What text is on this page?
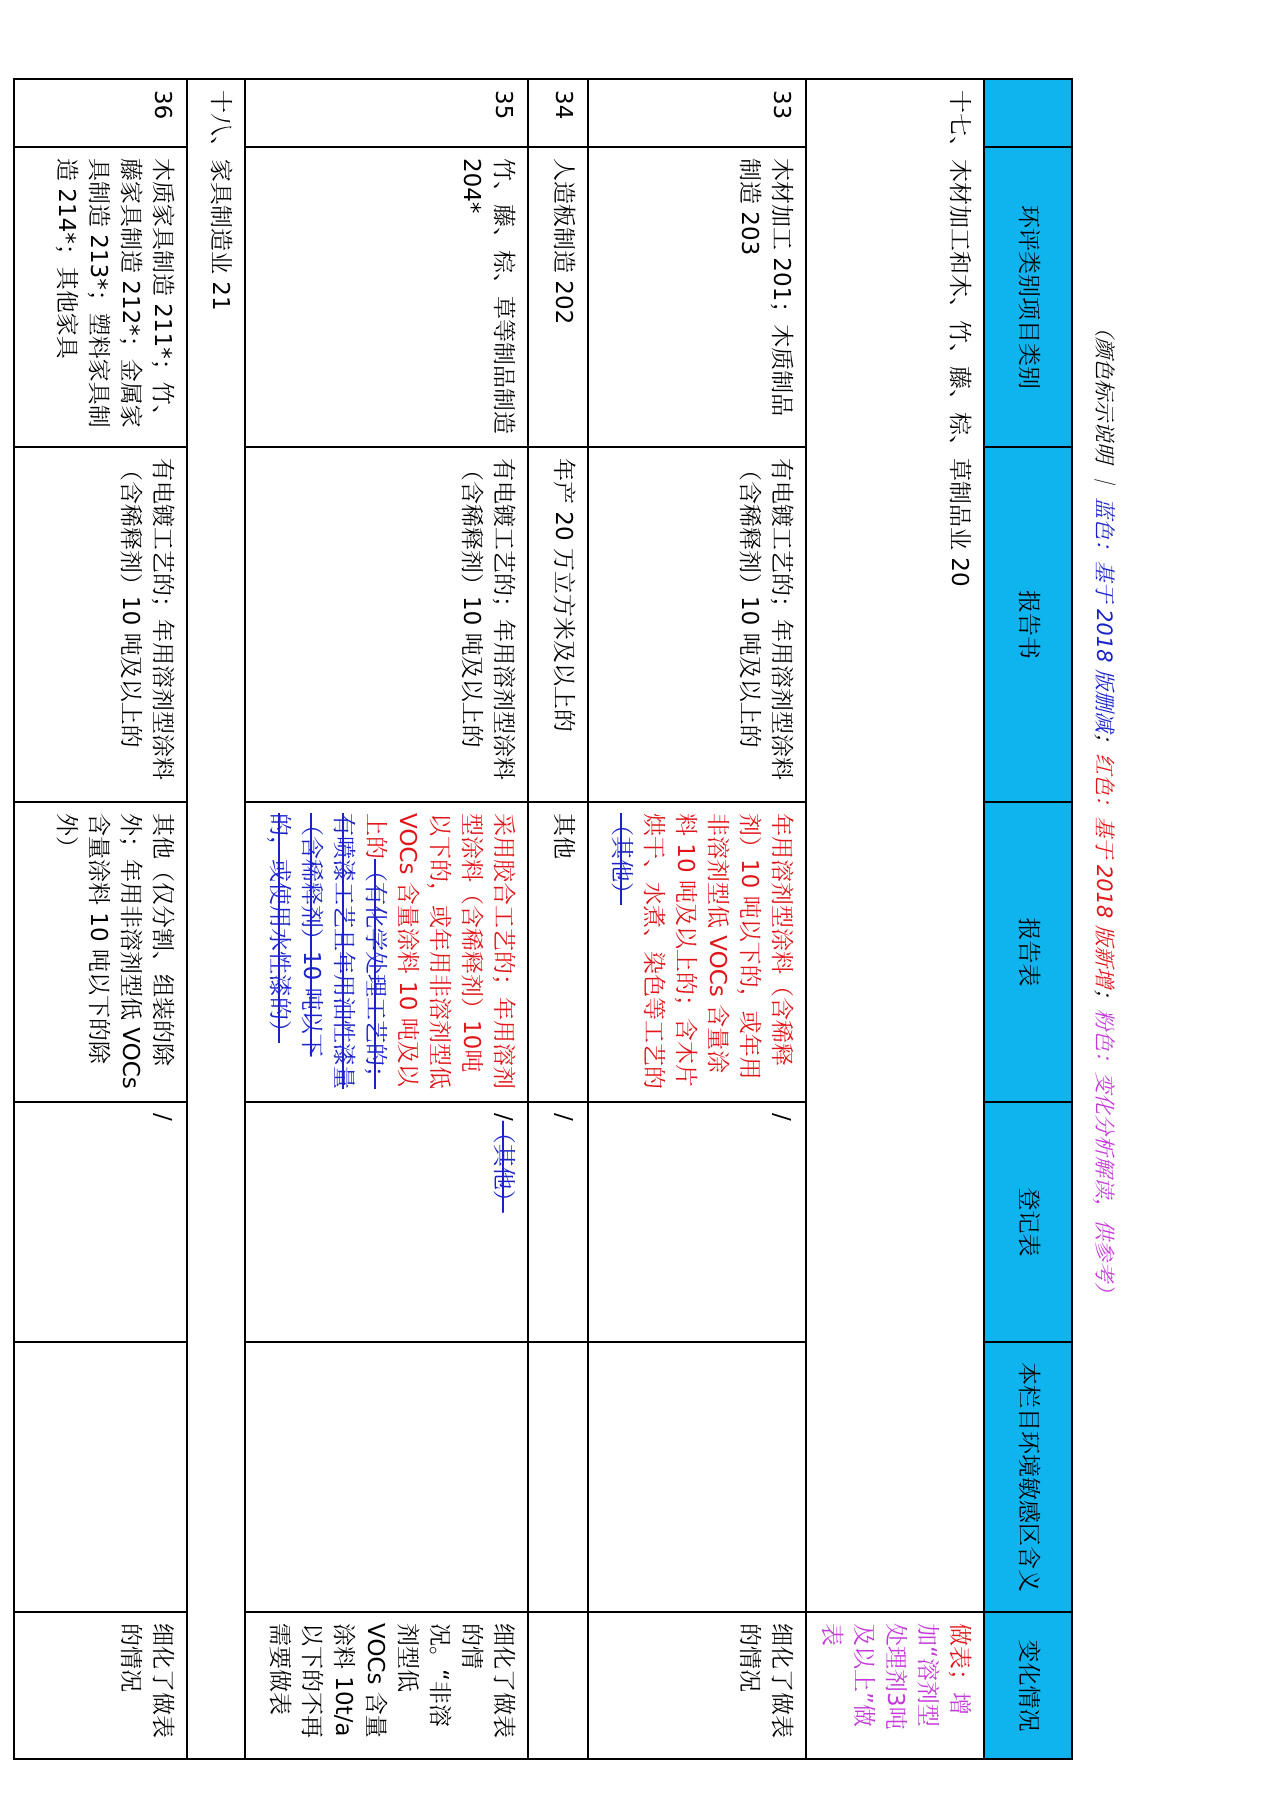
（颜色标示说明 ｜ 蓝色：基于 2018 版删减；红色：基于 2018 版新增；粉色：变化分析解读，供参考）
	环评类别项目类别	报告书	报告表	登记表	本栏目环境敏感区含义	变化情况
十七、木材加工和木、竹、藤、棕、草制品业 20						做表；增加“溶剂型处理剂3吨及以上”做表
33	木材加工 201；木质制品制造 203	有电镀工艺的；年用溶剂型涂料（含稀释剂）10 吨及以上的	年用溶剂型涂料（含稀释剂）10 吨以下的，或年用非溶剂型低 VOCs 含量涂料 10 吨及以上的；含木片烘干、水煮、染色等工艺的（其他）	/		细化了做表的情况
34	人造板制造 202	年产 20 万立方米及以上的	其他	/		
35	竹、藤、棕、草等制品制造 204*	有电镀工艺的；年用溶剂型涂料（含稀释剂）10 吨及以上的	采用胶合工艺的；年用溶剂型涂料（含稀释剂）10吨以下的，或年用非溶剂型低 VOCs 含量涂料 10 吨及以上的（有化学处理工艺的；有喷漆工艺且年用油性漆量（含稀释剂）10 吨以下的，或使用水性漆的）	/（其他）		细化了做表的情况。“非溶剂型低 VOCs 含量涂料 10t/a 以下的不再需要做表
十八、家具制造业 21						
36	木质家具制造 211*；竹、藤家具制造 212*；金属家具制造 213*；塑料家具制造 214*；其他家具	有电镀工艺的；年用溶剂型涂料（含稀释剂）10 吨及以上的	其他（仅分割、组装的除外；年用非溶剂型低 VOCs 含量涂料 10 吨以下的除外）	/		细化了做表的情况
